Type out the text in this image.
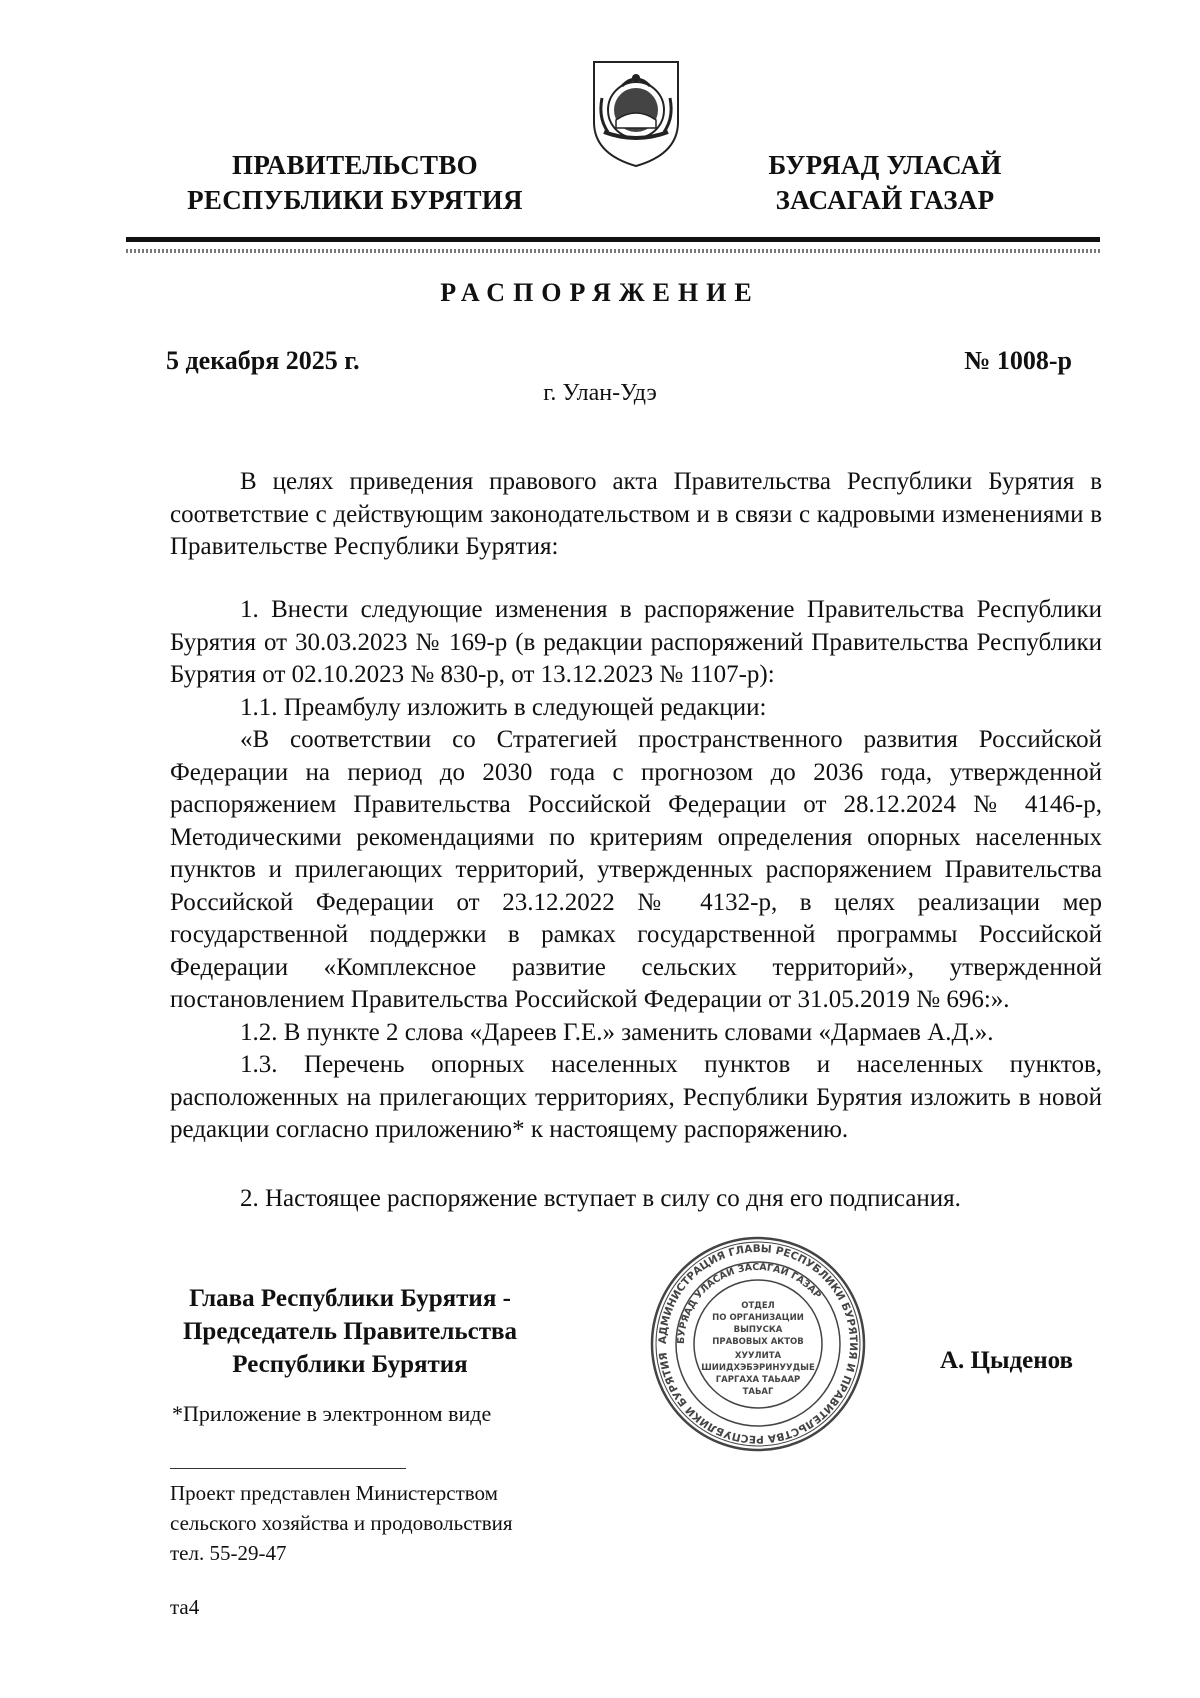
ПРАВИТЕЛЬСТВО
РЕСПУБЛИКИ БУРЯТИЯ
БУРЯАД УЛАСАЙ
ЗАСАГАЙ ГАЗАР
РАСПОРЯЖЕНИЕ
5 декабря 2025 г.	№ 1008-р
г. Улан-Удэ

В целях приведения правового акта Правительства Республики Бурятия в соответствие с действующим законодательством и в связи с кадровыми изменениями в Правительстве Республики Бурятия:

1. Внести следующие изменения в распоряжение Правительства Республики Бурятия от 30.03.2023 № 169-р (в редакции распоряжений Правительства Республики Бурятия от 02.10.2023 № 830-р, от 13.12.2023 № 1107-р):

1.1. Преамбулу изложить в следующей редакции:

«В соответствии со Стратегией пространственного развития Российской Федерации на период до 2030 года с прогнозом до 2036 года, утвержденной распоряжением Правительства Российской Федерации от 28.12.2024 № 4146-р, Методическими рекомендациями по критериям определения опорных населенных пунктов и прилегающих территорий, утвержденных распоряжением Правительства Российской Федерации от 23.12.2022 № 4132-р, в целях реализации мер государственной поддержки в рамках государственной программы Российской Федерации «Комплексное развитие сельских территорий», утвержденной постановлением Правительства Российской Федерации от 31.05.2019 № 696:».

1.2. В пункте 2 слова «Дареев Г.Е.» заменить словами «Дармаев А.Д.».

1.3. Перечень опорных населенных пунктов и населенных пунктов, расположенных на прилегающих территориях, Республики Бурятия изложить в новой редакции согласно приложению* к настоящему распоряжению.

2. Настоящее распоряжение вступает в силу со дня его подписания.

Глава Республики Бурятия -
Председатель Правительства
Республики Бурятия	А. Цыденов
АДМИНИСТРАЦИЯ ГЛАВЫ РЕСПУБЛИКИ БУРЯТИЯ И ПРАВИТЕЛЬСТВА РЕСПУБЛИКИ БУРЯТИЯ
БУРЯАД УЛАСАЙ ЗАСАГАЙ ГАЗАР
ОТДЕЛ
ПО ОРГАНИЗАЦИИ
ВЫПУСКА
ПРАВОВЫХ АКТОВ
ХУУЛИТА
ШИИДХЭБЭРИНУУДЫЕ
ГАРГАХА ТАЬААР
ТАЬАГ
*Приложение в электронном виде
Проект представлен Министерством
сельского хозяйства и продовольствия
тел. 55-29-47
та4
